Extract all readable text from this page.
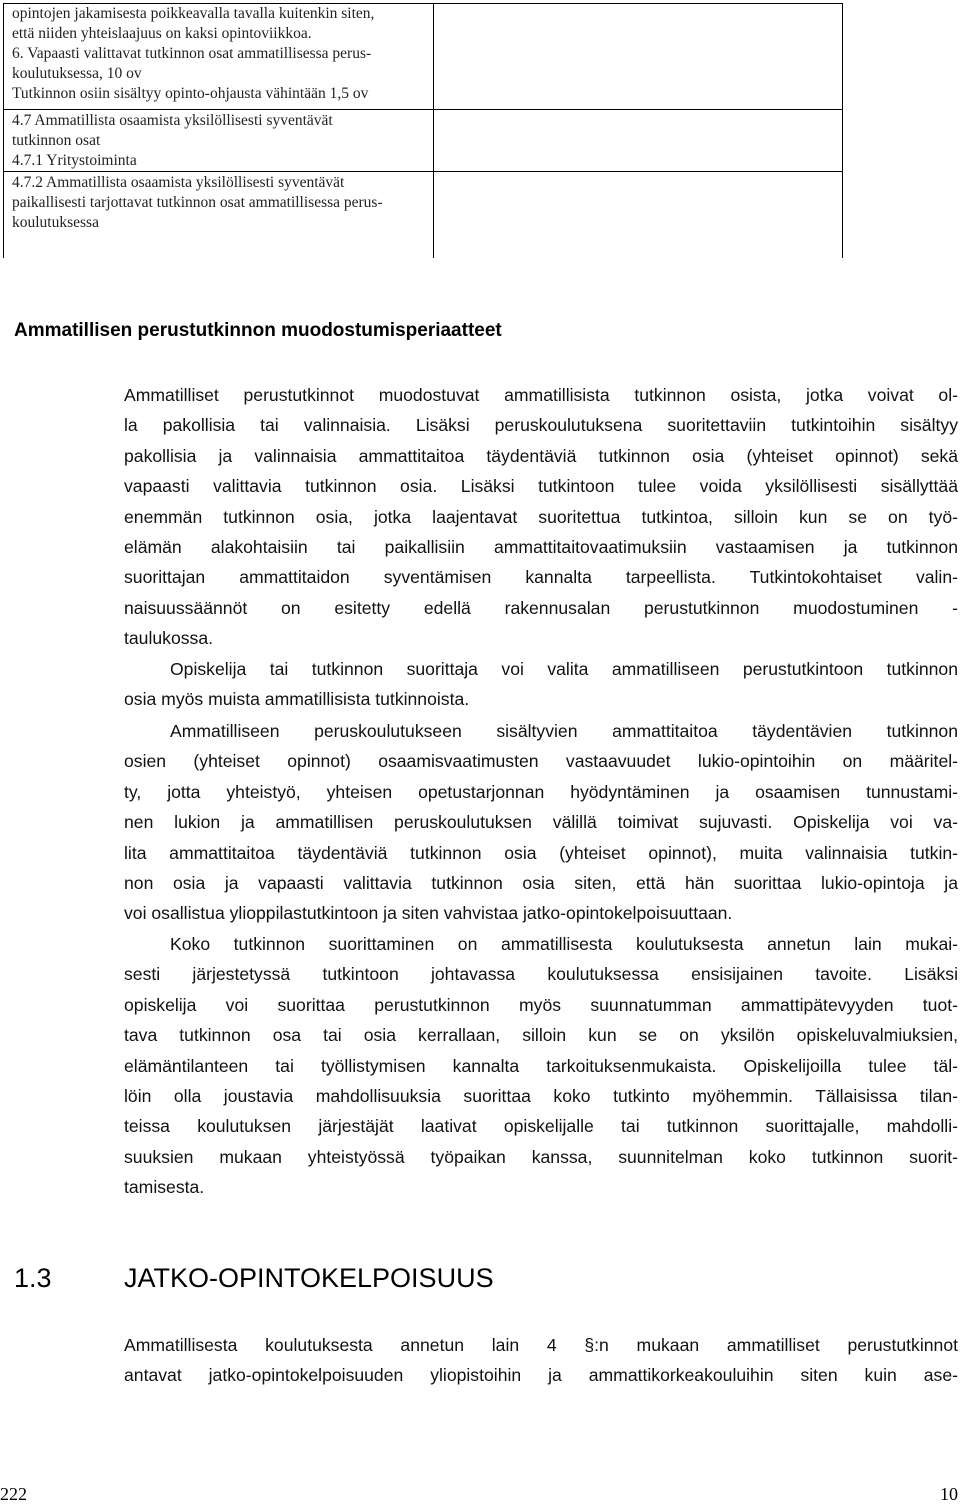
opintojen jakamisesta poikkeavalla tavalla kuitenkin siten,
että niiden yhteislaajuus on kaksi opintoviikkoa.
6. Vapaasti valittavat tutkinnon osat ammatillisessa perus-
koulutuksessa, 10 ov
Tutkinnon osiin sisältyy opinto-ohjausta vähintään 1,5 ov
4.7 Ammatillista osaamista yksilöllisesti syventävät
tutkinnon osat
4.7.1 Yritystoiminta
4.7.2 Ammatillista osaamista yksilöllisesti syventävät
paikallisesti tarjottavat tutkinnon osat ammatillisessa perus-
koulutuksessa
Ammatillisen perustutkinnon muodostumisperiaatteet
Ammatilliset perustutkinnot muodostuvat ammatillisista tutkinnon osista, jotka voivat ol-
la pakollisia tai valinnaisia. Lisäksi peruskoulutuksena suoritettaviin tutkintoihin sisältyy
pakollisia ja valinnaisia ammattitaitoa täydentäviä tutkinnon osia (yhteiset opinnot) sekä
vapaasti valittavia tutkinnon osia. Lisäksi tutkintoon tulee voida yksilöllisesti sisällyttää
enemmän tutkinnon osia, jotka laajentavat suoritettua tutkintoa, silloin kun se on työ-
elämän alakohtaisiin tai paikallisiin ammattitaitovaatimuksiin vastaamisen ja tutkinnon
suorittajan ammattitaidon syventämisen kannalta tarpeellista. Tutkintokohtaiset valin-
naisuussäännöt on esitetty edellä rakennusalan perustutkinnon muodostuminen -
taulukossa.
Opiskelija tai tutkinnon suorittaja voi valita ammatilliseen perustutkintoon tutkinnon
osia myös muista ammatillisista tutkinnoista.
Ammatilliseen peruskoulutukseen sisältyvien ammattitaitoa täydentävien tutkinnon
osien (yhteiset opinnot) osaamisvaatimusten vastaavuudet lukio-opintoihin on määritel-
ty, jotta yhteistyö, yhteisen opetustarjonnan hyödyntäminen ja osaamisen tunnustami-
nen lukion ja ammatillisen peruskoulutuksen välillä toimivat sujuvasti. Opiskelija voi va-
lita ammattitaitoa täydentäviä tutkinnon osia (yhteiset opinnot), muita valinnaisia tutkin-
non osia ja vapaasti valittavia tutkinnon osia siten, että hän suorittaa lukio-opintoja ja
voi osallistua ylioppilastutkintoon ja siten vahvistaa jatko-opintokelpoisuuttaan.
Koko tutkinnon suorittaminen on ammatillisesta koulutuksesta annetun lain mukai-
sesti järjestetyssä tutkintoon johtavassa koulutuksessa ensisijainen tavoite. Lisäksi
opiskelija voi suorittaa perustutkinnon myös suunnatumman ammattipätevyyden tuot-
tava tutkinnon osa tai osia kerrallaan, silloin kun se on yksilön opiskeluvalmiuksien,
elämäntilanteen tai työllistymisen kannalta tarkoituksenmukaista. Opiskelijoilla tulee täl-
löin olla joustavia mahdollisuuksia suorittaa koko tutkinto myöhemmin. Tällaisissa tilan-
teissa koulutuksen järjestäjät laativat opiskelijalle tai tutkinnon suorittajalle, mahdolli-
suuksien mukaan yhteistyössä työpaikan kanssa, suunnitelman koko tutkinnon suorit-
tamisesta.
1.3	JATKO-OPINTOKELPOISUUS
Ammatillisesta koulutuksesta annetun lain 4 §:n mukaan ammatilliset perustutkinnot
antavat jatko-opintokelpoisuuden yliopistoihin ja ammattikorkeakouluihin siten kuin ase-
222	10
